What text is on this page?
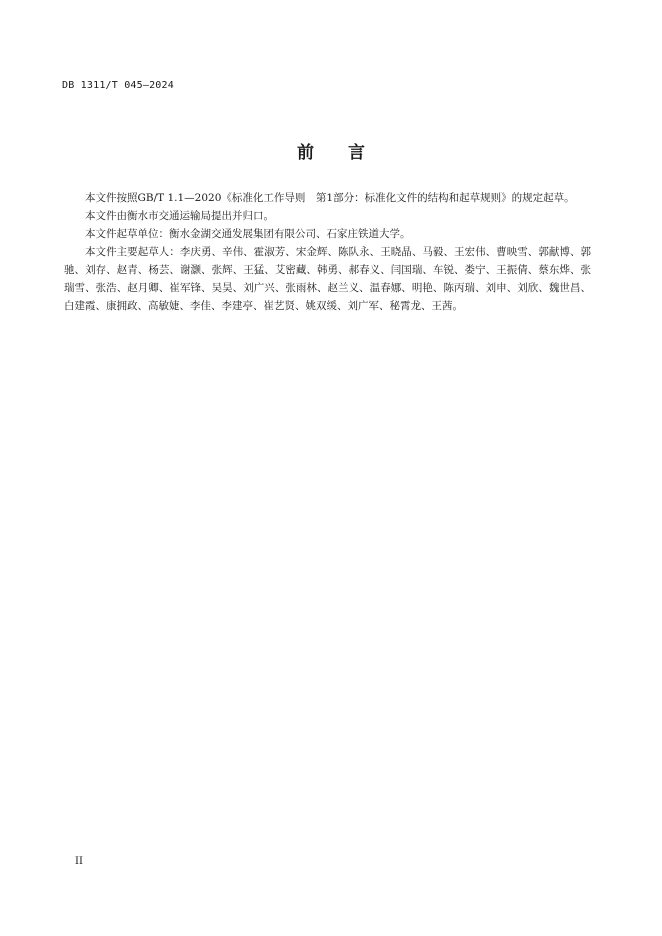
DB 1311/T 045—2024
前　　言

本文件按照GB/T 1.1—2020《标准化工作导则　第1部分：标准化文件的结构和起草规则》的规定起草。

本文件由衡水市交通运输局提出并归口。

本文件起草单位：衡水金湖交通发展集团有限公司、石家庄铁道大学。

本文件主要起草人：李庆勇、辛伟、霍淑芳、宋金辉、陈队永、王晓晶、马毅、王宏伟、曹映雪、郭献博、郭驰、刘存、赵青、杨芸、谢灏、张辉、王猛、艾密藏、韩勇、郝春义、闫国瑞、车锐、娄宁、王振倩、蔡东烨、张瑞雪、张浩、赵月卿、崔军锋、吴昊、刘广兴、张雨林、赵兰义、温春娜、明艳、陈丙瑞、刘申、刘欣、魏世昌、白建霞、康拥政、高敏婕、李佳、李建亭、崔艺贤、姚双缓、刘广军、秘霄龙、王茜。

II
